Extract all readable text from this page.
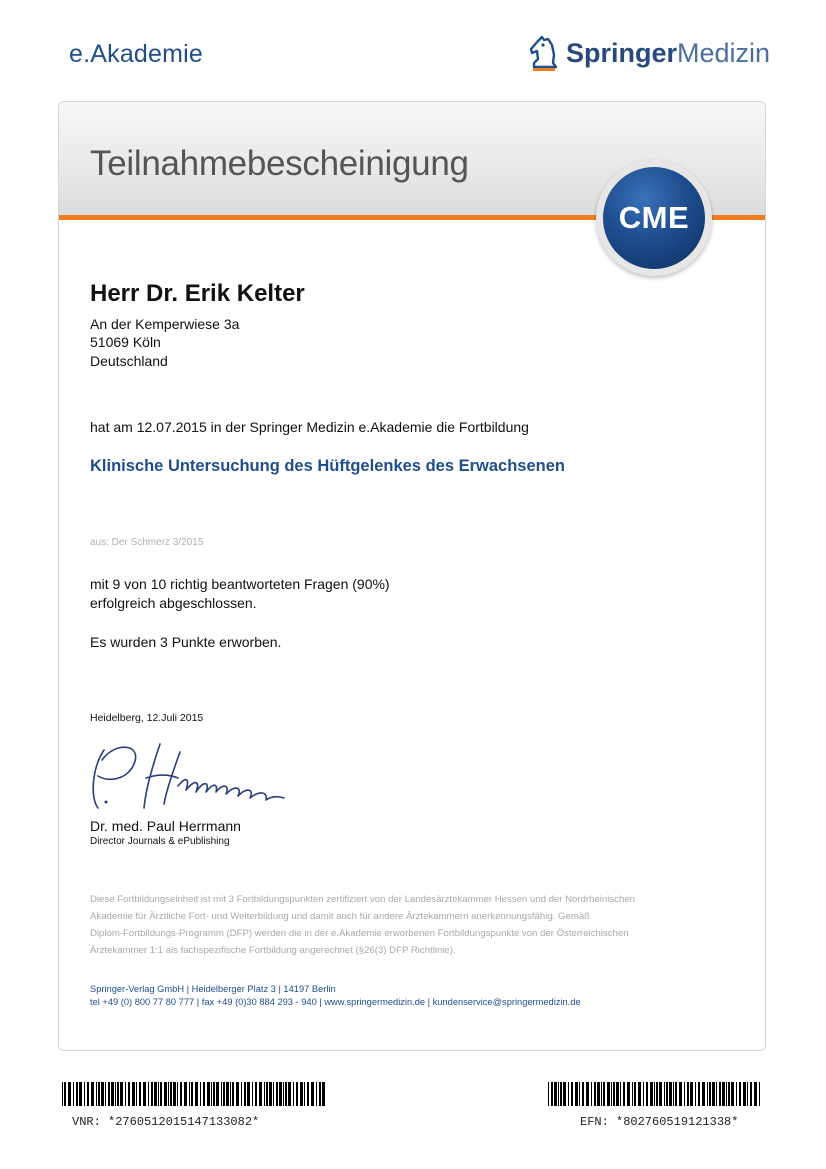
e.Akademie	SpringerMedizin
Teilnahmebescheinigung
CME
Herr Dr. Erik Kelter
An der Kemperwiese 3a
51069 Köln
Deutschland
hat am 12.07.2015 in der Springer Medizin e.Akademie die Fortbildung
Klinische Untersuchung des Hüftgelenkes des Erwachsenen
aus: Der Schmerz 3/2015
mit 9 von 10 richtig beantworteten Fragen (90%)
erfolgreich abgeschlossen.
Es wurden 3 Punkte erworben.
Heidelberg, 12.Juli 2015
Dr. med. Paul Herrmann
Director Journals & ePublishing
Diese Fortbildungseinheit ist mit 3 Fortbildungspunkten zertifiziert von der Landesärztekammer Hessen und der Nordrheinischen
Akademie für Ärztliche Fort- und Weiterbildung und damit auch für andere Ärztekammern anerkennungsfähig. Gemäß
Diplom-Fortbildungs-Programm (DFP) werden die in der e.Akademie erworbenen Fortbildungspunkte von der Österreichischen
Ärztekammer 1:1 als fachspezifische Fortbildung angerechnet (§26(3) DFP Richtlinie).
Springer-Verlag GmbH | Heidelberger Platz 3 | 14197 Berlin
tel +49 (0) 800 77 80 777 | fax +49 (0)30 884 293 - 940 | www.springermedizin.de | kundenservice@springermedizin.de
VNR: *2760512015147133082*	EFN: *802760519121338*
